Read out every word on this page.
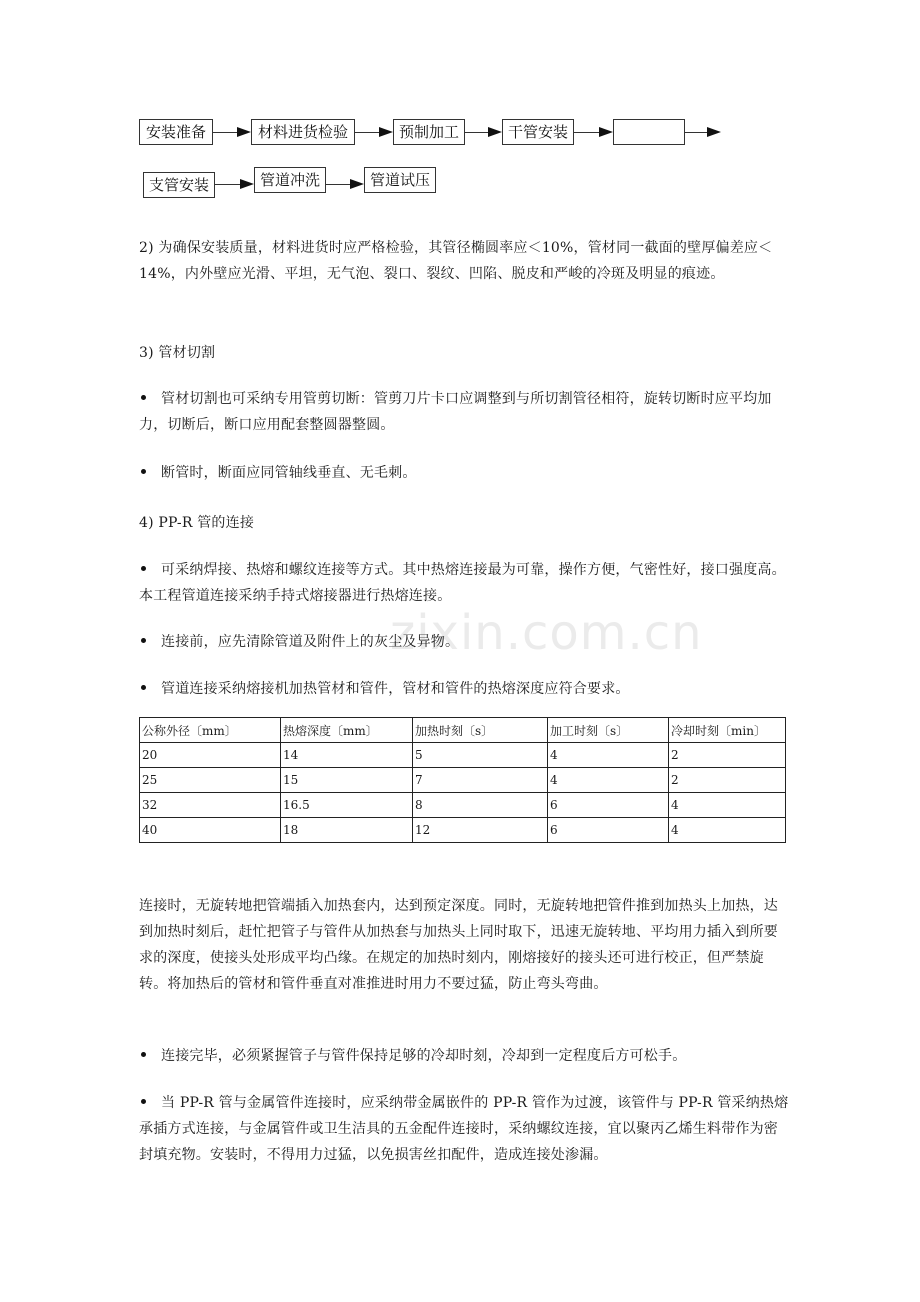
安装准备	材料进货检验	预制加工	干管安装
支管安装	管道冲洗	管道试压
zixin.com.cn

2) 为确保安装质量，材料进货时应严格检验，其管径椭圆率应＜10%，管材同一截面的壁厚偏差应＜14%，内外壁应光滑、平坦，无气泡、裂口、裂纹、凹陷、脱皮和严峻的冷斑及明显的痕迹。

3) 管材切割

管材切割也可采纳专用管剪切断：管剪刀片卡口应调整到与所切割管径相符，旋转切断时应平均加力，切断后，断口应用配套整圆器整圆。

断管时，断面应同管轴线垂直、无毛刺。

4) PP-R 管的连接

可采纳焊接、热熔和螺纹连接等方式。其中热熔连接最为可靠，操作方便，气密性好，接口强度高。本工程管道连接采纳手持式熔接器进行热熔连接。

连接前，应先清除管道及附件上的灰尘及异物。

管道连接采纳熔接机加热管材和管件，管材和管件的热熔深度应符合要求。

公称外径〔mm〕	热熔深度〔mm〕	加热时刻〔s〕	加工时刻〔s〕	冷却时刻〔min〕
20	14	5	4	2
25	15	7	4	2
32	16.5	8	6	4
40	18	12	6	4

连接时，无旋转地把管端插入加热套内，达到预定深度。同时，无旋转地把管件推到加热头上加热，达到加热时刻后，赶忙把管子与管件从加热套与加热头上同时取下，迅速无旋转地、平均用力插入到所要求的深度，使接头处形成平均凸缘。在规定的加热时刻内，刚熔接好的接头还可进行校正，但严禁旋转。将加热后的管材和管件垂直对准推进时用力不要过猛，防止弯头弯曲。

连接完毕，必须紧握管子与管件保持足够的冷却时刻，冷却到一定程度后方可松手。

当 PP-R 管与金属管件连接时，应采纳带金属嵌件的 PP-R 管作为过渡，该管件与 PP-R 管采纳热熔承插方式连接，与金属管件或卫生洁具的五金配件连接时，采纳螺纹连接，宜以聚丙乙烯生料带作为密封填充物。安装时，不得用力过猛，以免损害丝扣配件，造成连接处渗漏。
